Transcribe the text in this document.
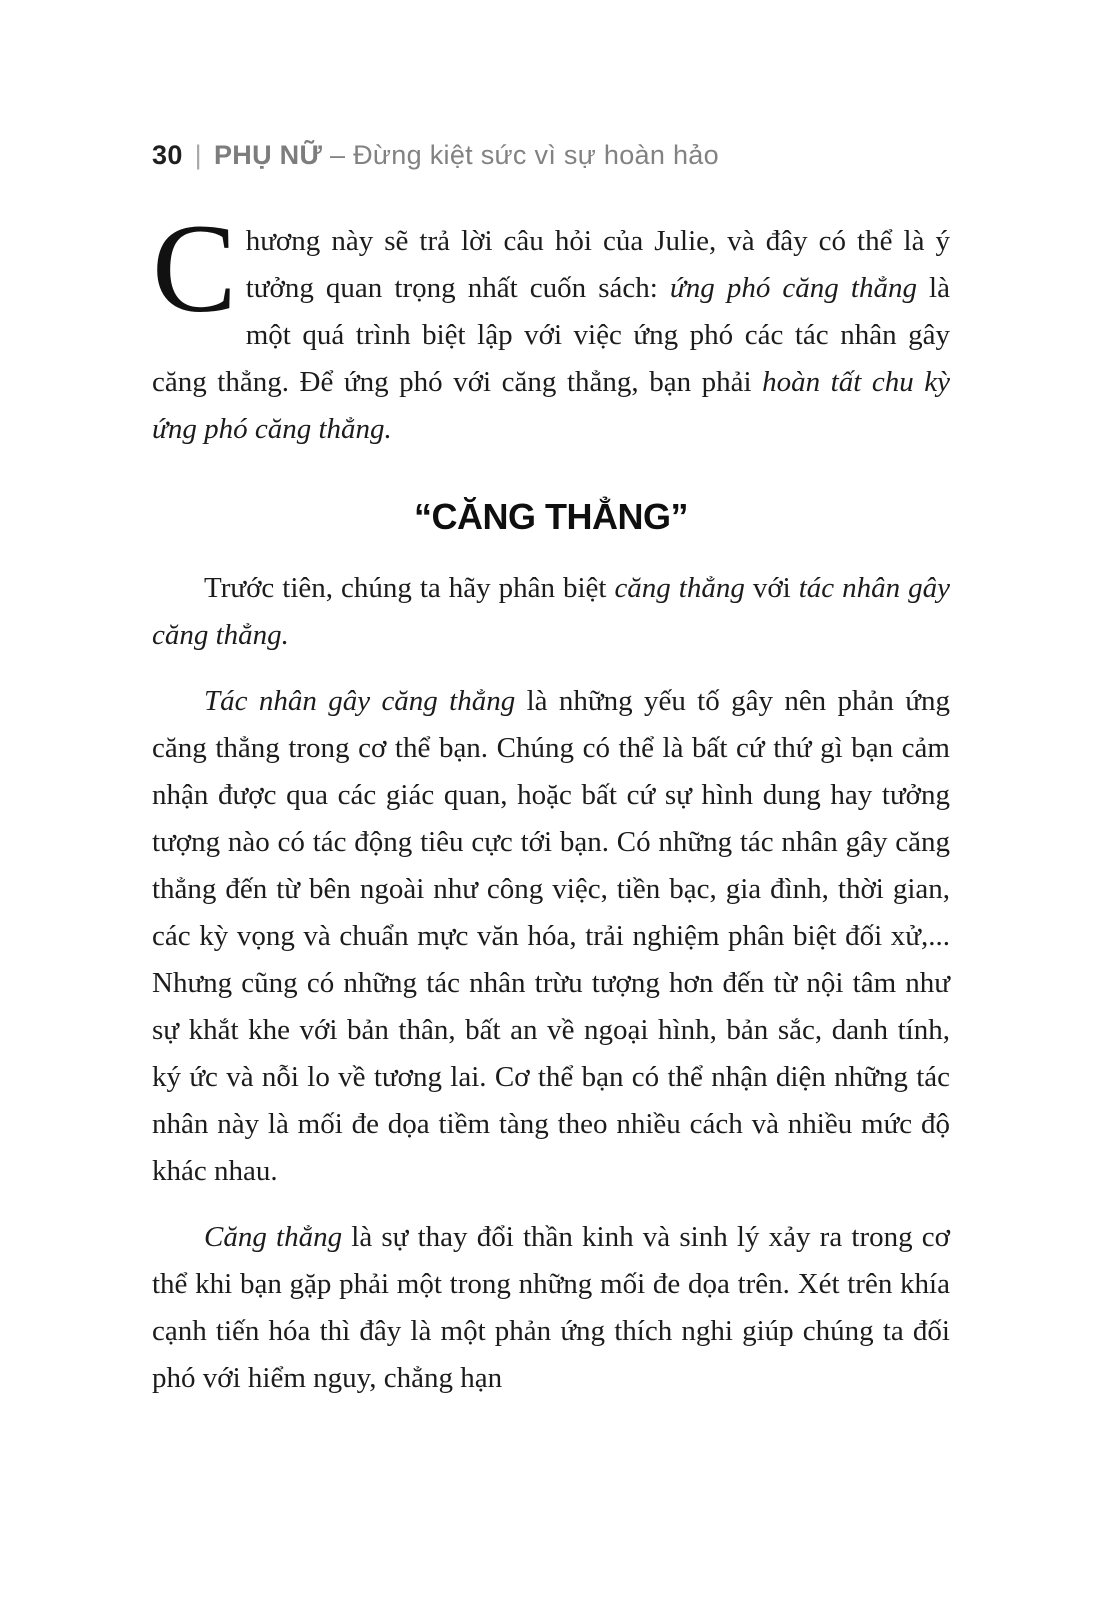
30 | PHỤ NỮ – Đừng kiệt sức vì sự hoàn hảo

Chương này sẽ trả lời câu hỏi của Julie, và đây có thể là ý tưởng quan trọng nhất cuốn sách: ứng phó căng thẳng là một quá trình biệt lập với việc ứng phó các tác nhân gây căng thẳng. Để ứng phó với căng thẳng, bạn phải hoàn tất chu kỳ ứng phó căng thẳng.

“CĂNG THẲNG”

Trước tiên, chúng ta hãy phân biệt căng thẳng với tác nhân gây căng thẳng.

Tác nhân gây căng thẳng là những yếu tố gây nên phản ứng căng thẳng trong cơ thể bạn. Chúng có thể là bất cứ thứ gì bạn cảm nhận được qua các giác quan, hoặc bất cứ sự hình dung hay tưởng tượng nào có tác động tiêu cực tới bạn. Có những tác nhân gây căng thẳng đến từ bên ngoài như công việc, tiền bạc, gia đình, thời gian, các kỳ vọng và chuẩn mực văn hóa, trải nghiệm phân biệt đối xử,... Nhưng cũng có những tác nhân trừu tượng hơn đến từ nội tâm như sự khắt khe với bản thân, bất an về ngoại hình, bản sắc, danh tính, ký ức và nỗi lo về tương lai. Cơ thể bạn có thể nhận diện những tác nhân này là mối đe dọa tiềm tàng theo nhiều cách và nhiều mức độ khác nhau.

Căng thẳng là sự thay đổi thần kinh và sinh lý xảy ra trong cơ thể khi bạn gặp phải một trong những mối đe dọa trên. Xét trên khía cạnh tiến hóa thì đây là một phản ứng thích nghi giúp chúng ta đối phó với hiểm nguy, chẳng hạn
